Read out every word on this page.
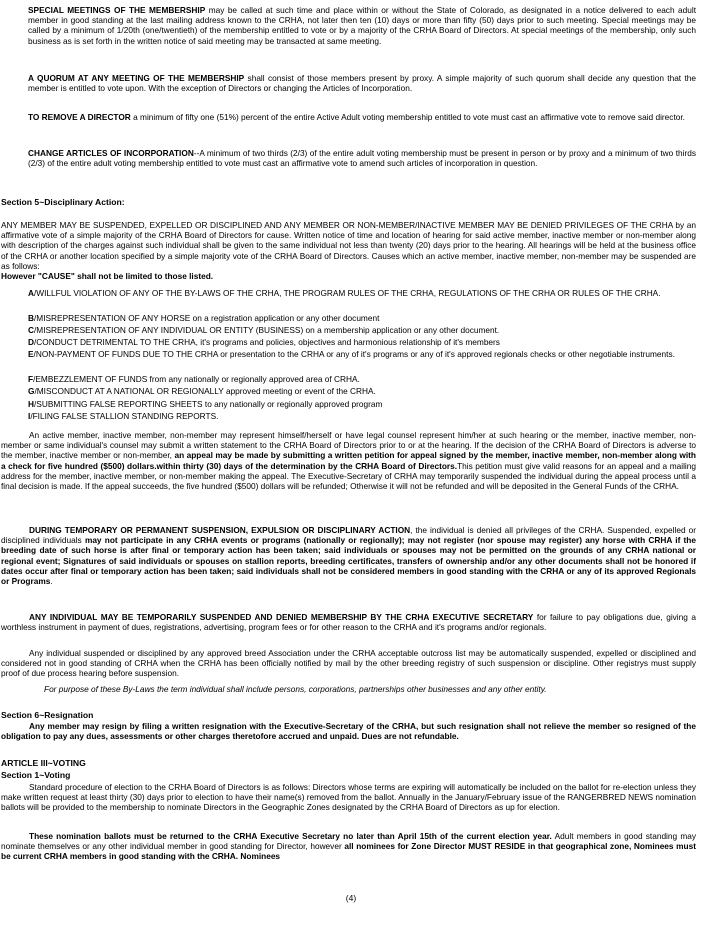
SPECIAL MEETINGS OF THE MEMBERSHIP may be called at such time and place within or without the State of Colorado, as designated in a notice delivered to each adult member in good standing at the last mailing address known to the CRHA, not later then ten (10) days or more than fifty (50) days prior to such meeting. Special meetings may be called by a minimum of 1/20th (one/twentieth) of the membership entitled to vote or by a majority of the CRHA Board of Directors. At special meetings of the membership, only such business as is set forth in the written notice of said meeting may be transacted at same meeting.

A QUORUM AT ANY MEETING OF THE MEMBERSHIP shall consist of those members present by proxy. A simple majority of such quorum shall decide any question that the member is entitled to vote upon. With the exception of Directors or changing the Articles of Incorporation.

TO REMOVE A DIRECTOR a minimum of fifty one (51%) percent of the entire Active Adult voting membership entitled to vote must cast an affirmative vote to remove said director.

CHANGE ARTICLES OF INCORPORATION--A minimum of two thirds (2/3) of the entire adult voting membership must be present in person or by proxy and a minimum of two thirds (2/3) of the entire adult voting membership entitled to vote must cast an affirmative vote to amend such articles of incorporation in question.

Section 5~Disciplinary Action:

ANY MEMBER MAY BE SUSPENDED, EXPELLED OR DISCIPLINED AND ANY MEMBER OR NON-MEMBER/INACTIVE MEMBER MAY BE DENIED PRIVILEGES OF THE CRHA by an affirmative vote of a simple majority of the CRHA Board of Directors for cause. Written notice of time and location of hearing for said active member, inactive member or non-member along with description of the charges against such individual shall be given to the same individual not less than twenty (20) days prior to the hearing. All hearings will be held at the business office of the CRHA or another location specified by a simple majority vote of the CRHA Board of Directors. Causes which an active member, inactive member, non-member may be suspended are as follows:
However "CAUSE" shall not be limited to those listed.

A/WILLFUL VIOLATION OF ANY OF THE BY-LAWS OF THE CRHA, THE PROGRAM RULES OF THE CRHA, REGULATIONS OF THE CRHA OR RULES OF THE CRHA.
B/MISREPRESENTATION OF ANY HORSE on a registration application or any other document
C/MISREPRESENTATION OF ANY INDIVIDUAL OR ENTITY (BUSINESS) on a membership application or any other document.
D/CONDUCT DETRIMENTAL TO THE CRHA, it's programs and policies, objectives and harmonious relationship of it's members
E/NON-PAYMENT OF FUNDS DUE TO THE CRHA or presentation to the CRHA or any of it's programs or any of it's approved regionals checks or other negotiable instruments.
F/EMBEZZLEMENT OF FUNDS from any nationally or regionally approved area of CRHA.
G/MISCONDUCT AT A NATIONAL OR REGIONALLY approved meeting or event of the CRHA.
H/SUBMITTING FALSE REPORTING SHEETS to any nationally or regionally approved program
I/FILING FALSE STALLION STANDING REPORTS.

An active member, inactive member, non-member may represent himself/herself or have legal counsel represent him/her at such hearing or the member, inactive member, non-member or same individual's counsel may submit a written statement to the CRHA Board of Directors prior to or at the hearing. If the decision of the CRHA Board of Directors is adverse to the member, inactive member or non-member, an appeal may be made by submitting a written petition for appeal signed by the member, inactive member, non-member along with a check for five hundred ($500) dollars.within thirty (30) days of the determination by the CRHA Board of Directors.This petition must give valid reasons for an appeal and a mailing address for the member, inactive member, or non-member making the appeal. The Executive-Secretary of CRHA may temporarily suspended the individual during the appeal process until a final decision is made. If the appeal succeeds, the five hundred ($500) dollars will be refunded; Otherwise it will not be refunded and will be deposited in the General Funds of the CRHA.

DURING TEMPORARY OR PERMANENT SUSPENSION, EXPULSION OR DISCIPLINARY ACTION, the individual is denied all privileges of the CRHA. Suspended, expelled or disciplined individuals may not participate in any CRHA events or programs (nationally or regionally); may not register (nor spouse may register) any horse with CRHA if the breeding date of such horse is after final or temporary action has been taken; said individuals or spouses may not be permitted on the grounds of any CRHA national or regional event; Signatures of said individuals or spouses on stallion reports, breeding certificates, transfers of ownership and/or any other documents shall not be honored if dates occur after final or temporary action has been taken; said individuals shall not be considered members in good standing with the CRHA or any of its approved Regionals or Programs.

ANY INDIVIDUAL MAY BE TEMPORARILY SUSPENDED AND DENIED MEMBERSHIP BY THE CRHA EXECUTIVE SECRETARY for failure to pay obligations due, giving a worthless instrument in payment of dues, registrations, advertising, program fees or for other reason to the CRHA and it's programs and/or regionals.

Any individual suspended or disciplined by any approved breed Association under the CRHA acceptable outcross list may be automatically suspended, expelled or disciplined and considered not in good standing of CRHA when the CRHA has been officially notified by mail by the other breeding registry of such suspension or discipline. Other registrys must supply proof of due process hearing before suspension.

For purpose of these By-Laws the term individual shall include persons, corporations, partnerships other businesses and any other entity.

Section 6~Resignation

Any member may resign by filing a written resignation with the Executive-Secretary of the CRHA, but such resignation shall not relieve the member so resigned of the obligation to pay any dues, assessments or other charges theretofore accrued and unpaid. Dues are not refundable.

ARTICLE III~VOTING
Section 1~Voting

Standard procedure of election to the CRHA Board of Directors is as follows: Directors whose terms are expiring will automatically be included on the ballot for re-election unless they make written request at least thirty (30) days prior to election to have their name(s) removed from the ballot. Annually in the January/February issue of the RANGERBRED NEWS nomination ballots will be provided to the membership to nominate Directors in the Geographic Zones designated by the CRHA Board of Directors as up for election.

These nomination ballots must be returned to the CRHA Executive Secretary no later than April 15th of the current election year. Adult members in good standing may nominate themselves or any other individual member in good standing for Director, however all nominees for Zone Director MUST RESIDE in that geographical zone, Nominees must be current CRHA members in good standing with the CRHA. Nominees

(4)
